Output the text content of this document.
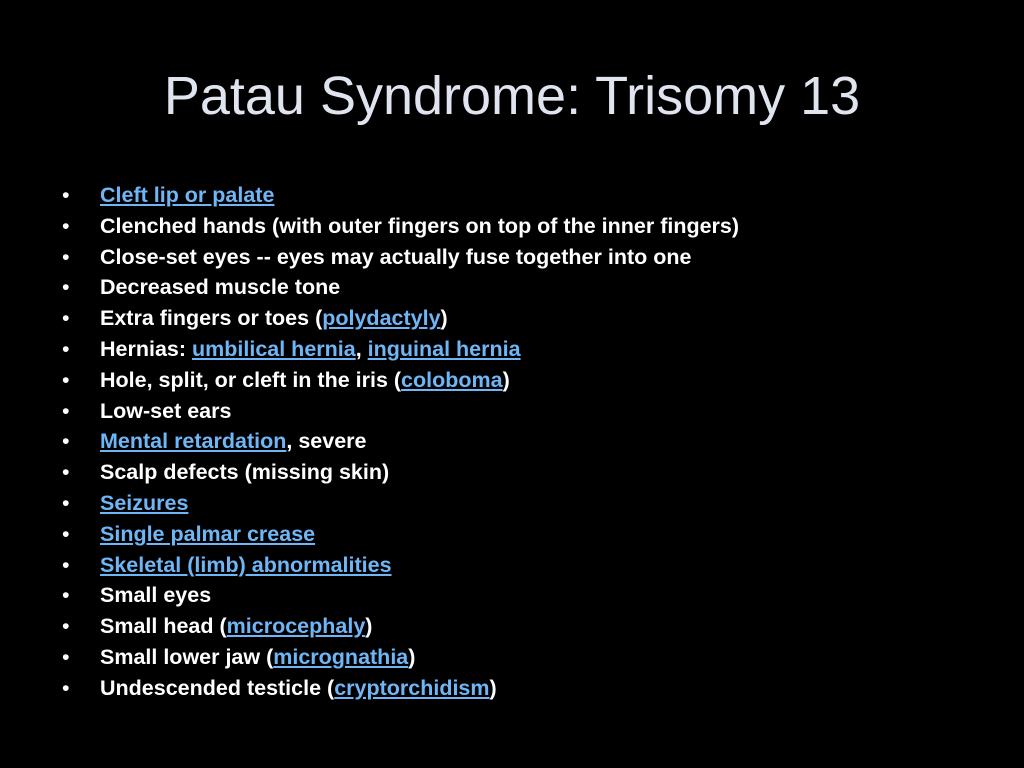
Patau Syndrome: Trisomy 13
•	Cleft lip or palate
•	Clenched hands (with outer fingers on top of the inner fingers)
•	Close-set eyes -- eyes may actually fuse together into one
•	Decreased muscle tone
•	Extra fingers or toes (polydactyly)
•	Hernias: umbilical hernia, inguinal hernia
•	Hole, split, or cleft in the iris (coloboma)
•	Low-set ears
•	Mental retardation, severe
•	Scalp defects (missing skin)
•	Seizures
•	Single palmar crease
•	Skeletal (limb) abnormalities
•	Small eyes
•	Small head (microcephaly)
•	Small lower jaw (micrognathia)
•	Undescended testicle (cryptorchidism)
